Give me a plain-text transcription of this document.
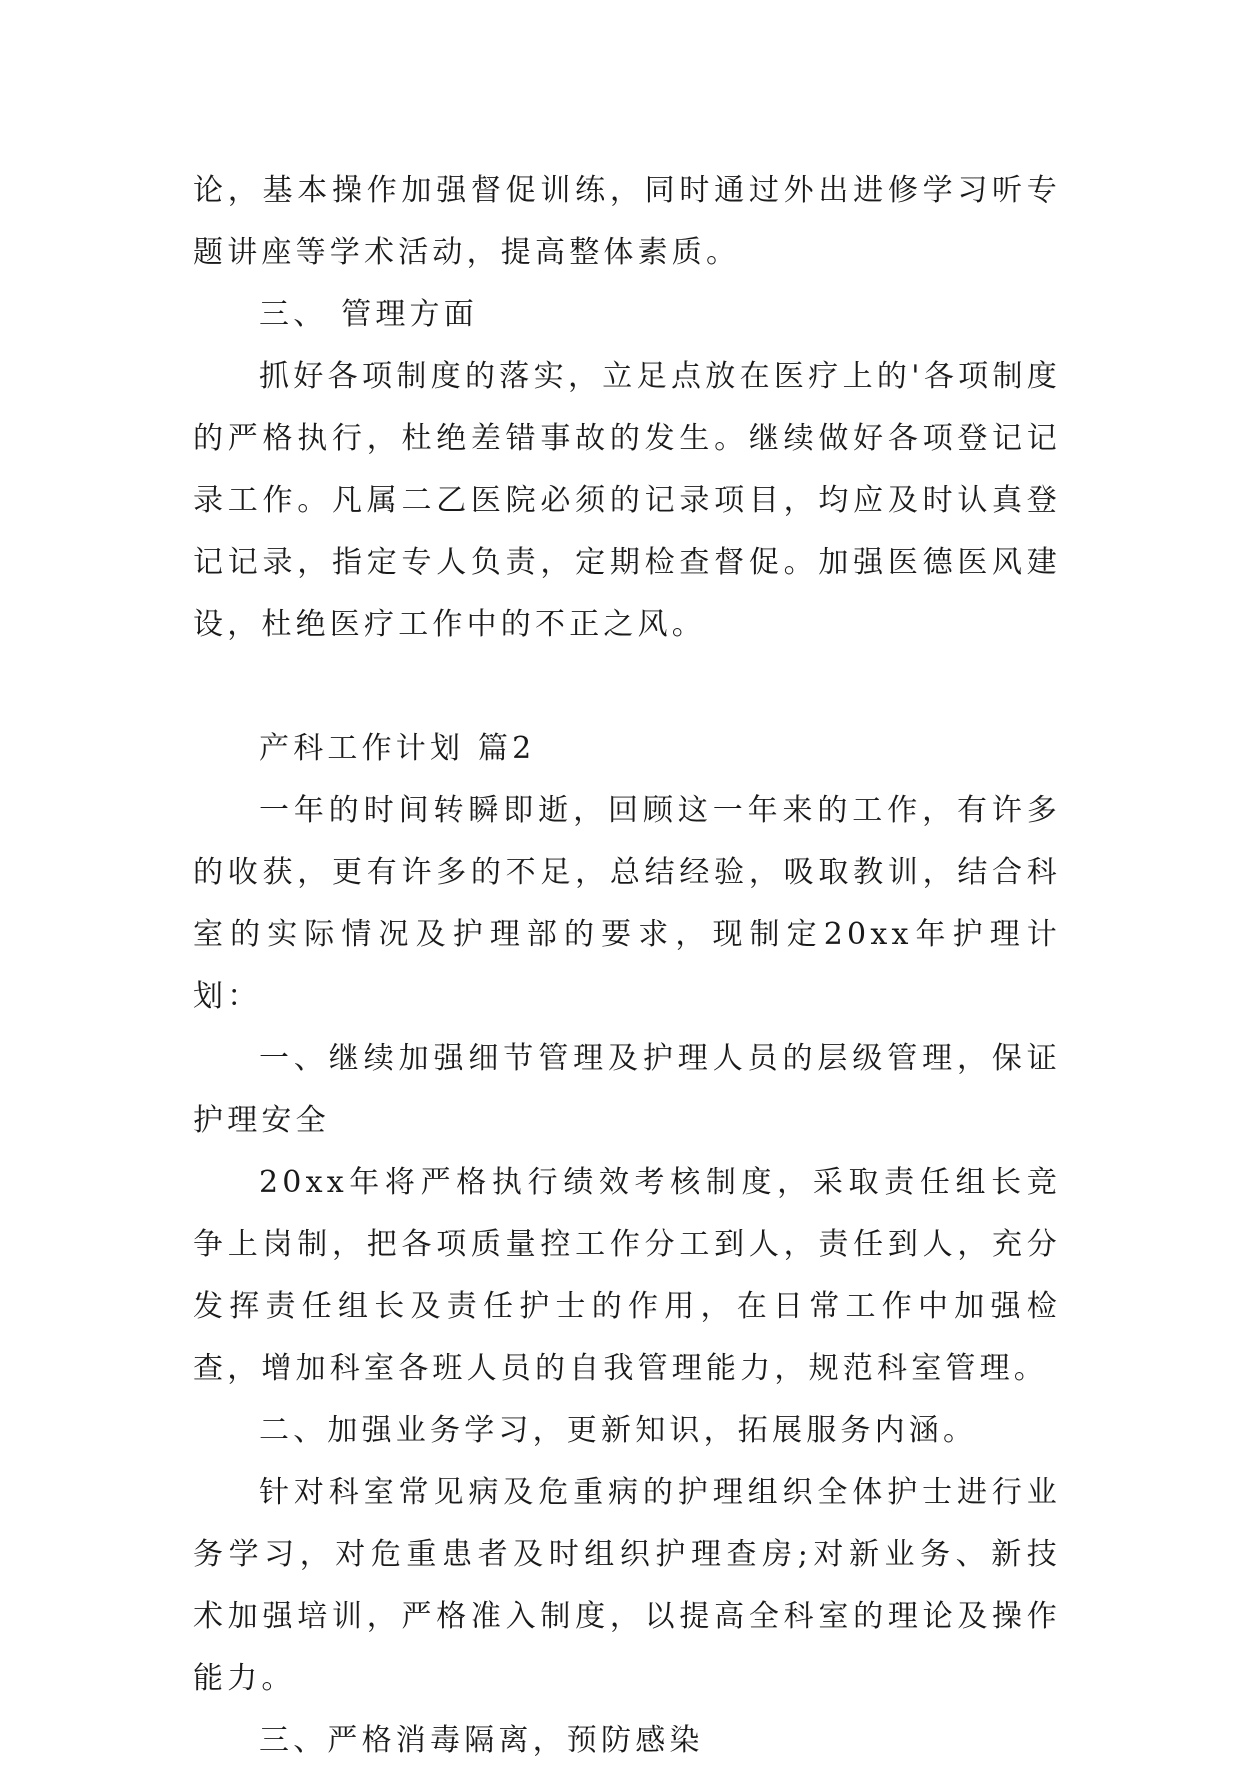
论，基本操作加强督促训练，同时通过外出进修学习听专题讲座等学术活动，提高整体素质。

三、 管理方面

抓好各项制度的落实，立足点放在医疗上的'各项制度的严格执行，杜绝差错事故的发生。继续做好各项登记记录工作。凡属二乙医院必须的记录项目，均应及时认真登记记录，指定专人负责，定期检查督促。加强医德医风建设，杜绝医疗工作中的不正之风。

产科工作计划 篇2

一年的时间转瞬即逝，回顾这一年来的工作，有许多的收获，更有许多的不足，总结经验，吸取教训，结合科室的实际情况及护理部的要求，现制定20xx年护理计划：

一、继续加强细节管理及护理人员的层级管理，保证护理安全

20xx年将严格执行绩效考核制度，采取责任组长竞争上岗制，把各项质量控工作分工到人，责任到人，充分发挥责任组长及责任护士的作用，在日常工作中加强检查，增加科室各班人员的自我管理能力，规范科室管理。

二、加强业务学习，更新知识，拓展服务内涵。

针对科室常见病及危重病的护理组织全体护士进行业务学习，对危重患者及时组织护理查房;对新业务、新技术加强培训，严格准入制度，以提高全科室的理论及操作能力。

三、严格消毒隔离，预防感染
